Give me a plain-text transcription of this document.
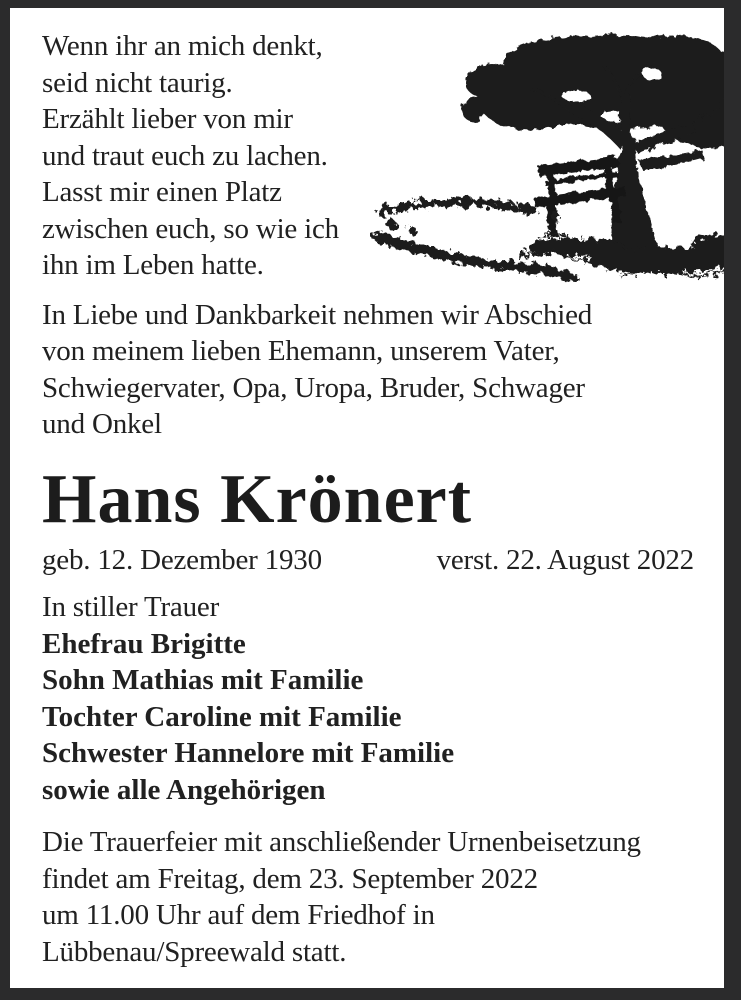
Wenn ihr an mich denkt,
seid nicht taurig.
Erzählt lieber von mir
und traut euch zu lachen.
Lasst mir einen Platz
zwischen euch, so wie ich
ihn im Leben hatte.
In Liebe und Dankbarkeit nehmen wir Abschied
von meinem lieben Ehemann, unserem Vater,
Schwiegervater, Opa, Uropa, Bruder, Schwager
und Onkel
Hans Krönert
geb. 12. Dezember 1930	verst. 22. August 2022
In stiller Trauer
Ehefrau Brigitte
Sohn Mathias mit Familie
Tochter Caroline mit Familie
Schwester Hannelore mit Familie
sowie alle Angehörigen
Die Trauerfeier mit anschließender Urnenbeisetzung
findet am Freitag, dem 23. September 2022
um 11.00 Uhr auf dem Friedhof in
Lübbenau/Spreewald statt.
